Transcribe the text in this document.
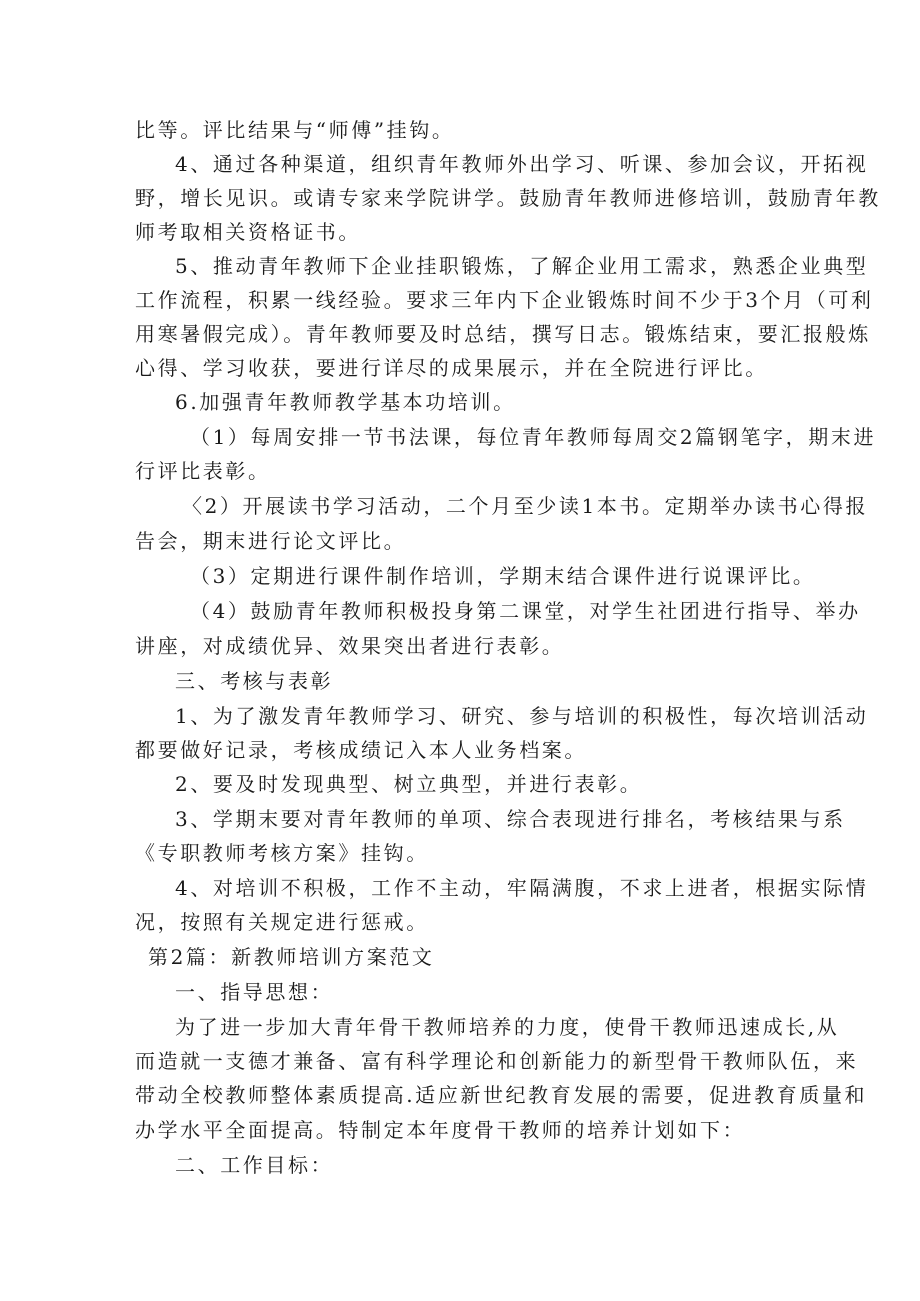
比等。评比结果与“师傅”挂钩。

4、通过各种渠道，组织青年教师外出学习、听课、参加会议，开拓视

野，增长见识。或请专家来学院讲学。鼓励青年教师进修培训，鼓励青年教

师考取相关资格证书。

5、推动青年教师下企业挂职锻炼，了解企业用工需求，熟悉企业典型

工作流程，积累一线经验。要求三年内下企业锻炼时间不少于3个月（可利

用寒暑假完成）。青年教师要及时总结，撰写日志。锻炼结束，要汇报般炼

心得、学习收获，要进行详尽的成果展示，并在全院进行评比。

6.加强青年教师教学基本功培训。

（1）每周安排一节书法课，每位青年教师每周交2篇钢笔字，期末进

行评比表彰。

〈2）开展读书学习活动，二个月至少读1本书。定期举办读书心得报

告会，期末进行论文评比。

（3）定期进行课件制作培训，学期末结合课件进行说课评比。

（4）鼓励青年教师积极投身第二课堂，对学生社团进行指导、举办

讲座，对成绩优异、效果突出者进行表彰。

三、考核与表彰

1、为了激发青年教师学习、研究、参与培训的积极性，每次培训活动

都要做好记录，考核成绩记入本人业务档案。

2、要及时发现典型、树立典型，并进行表彰。

3、学期末要对青年教师的单项、综合表现进行排名，考核结果与系

《专职教师考核方案》挂钩。

4、对培训不积极，工作不主动，牢隔满腹，不求上进者，根据实际情

况，按照有关规定进行惩戒。

第2篇：新教师培训方案范文

一、指导思想：

为了进一步加大青年骨干教师培养的力度，使骨干教师迅速成长,从

而造就一支德才兼备、富有科学理论和创新能力的新型骨干教师队伍，来

带动全校教师整体素质提高.适应新世纪教育发展的需要，促进教育质量和

办学水平全面提高。特制定本年度骨干教师的培养计划如下：

二、工作目标：
